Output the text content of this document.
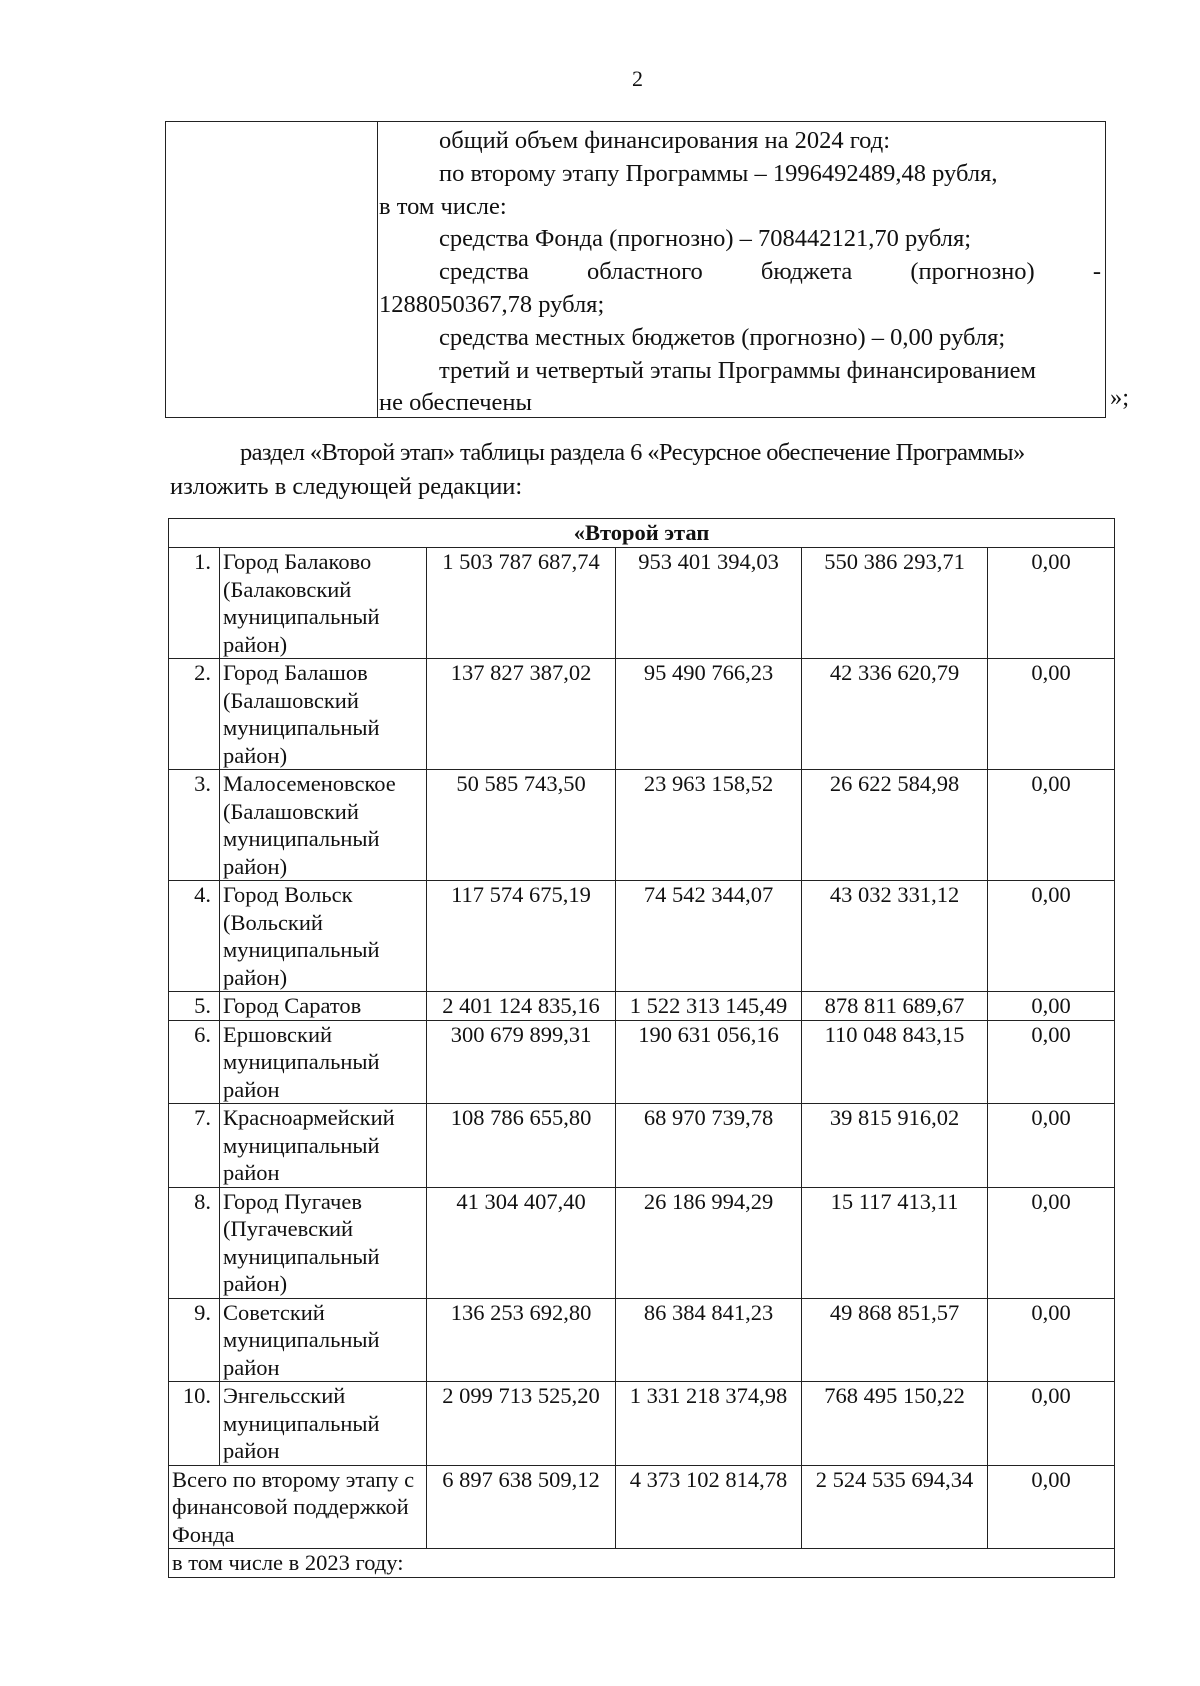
2
общий объем финансирования на 2024 год:
по второму этапу Программы – 1996492489,48 рубля,
в том числе:
средства Фонда (прогнозно) – 708442121,70 рубля;
средства областного бюджета (прогнозно) -
1288050367,78 рубля;
средства местных бюджетов (прогнозно) – 0,00 рубля;
третий и четвертый этапы Программы финансированием
не обеспечены	»;
раздел «Второй этап» таблицы раздела 6 «Ресурсное обеспечение Программы»
изложить в следующей редакции:
«Второй этап					
1.	Город Балаково (Балаковский муниципальный район)	1 503 787 687,74	953 401 394,03	550 386 293,71	0,00
2.	Город Балашов (Балашовский муниципальный район)	137 827 387,02	95 490 766,23	42 336 620,79	0,00
3.	Малосеменовское (Балашовский муниципальный район)	50 585 743,50	23 963 158,52	26 622 584,98	0,00
4.	Город Вольск (Вольский муниципальный район)	117 574 675,19	74 542 344,07	43 032 331,12	0,00
5.	Город Саратов	2 401 124 835,16	1 522 313 145,49	878 811 689,67	0,00
6.	Ершовский муниципальный район	300 679 899,31	190 631 056,16	110 048 843,15	0,00
7.	Красноармейский муниципальный район	108 786 655,80	68 970 739,78	39 815 916,02	0,00
8.	Город Пугачев (Пугачевский муниципальный район)	41 304 407,40	26 186 994,29	15 117 413,11	0,00
9.	Советский муниципальный район	136 253 692,80	86 384 841,23	49 868 851,57	0,00
10.	Энгельсский муниципальный район	2 099 713 525,20	1 331 218 374,98	768 495 150,22	0,00
Всего по второму этапу с финансовой поддержкой Фонда		6 897 638 509,12	4 373 102 814,78	2 524 535 694,34	0,00
в том числе в 2023 году:					
